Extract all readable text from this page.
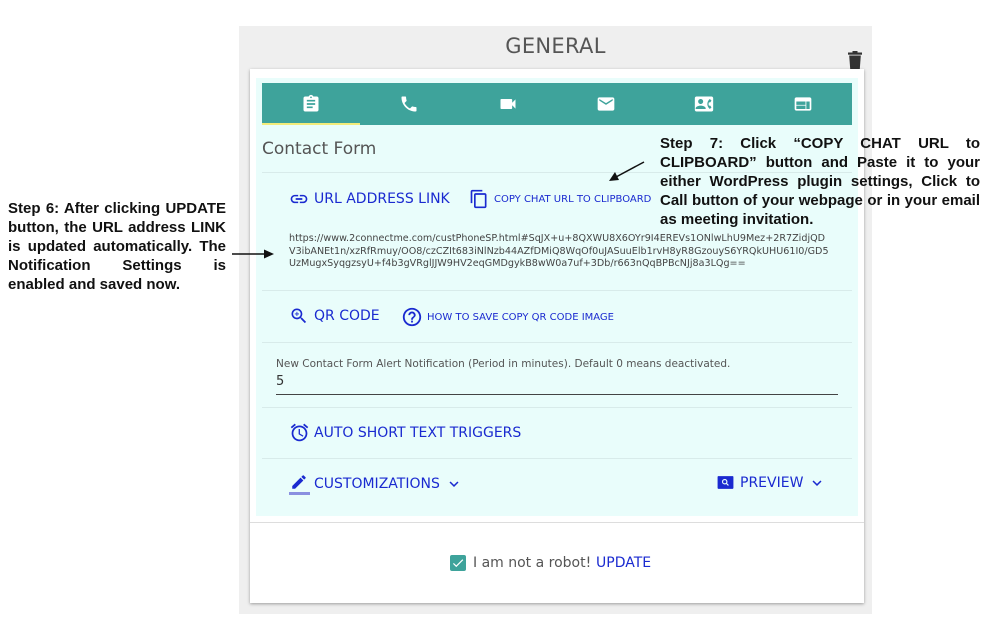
GENERAL
Contact Form
URL ADDRESS LINK	COPY CHAT URL TO CLIPBOARD
https://www.2connectme.com/custPhoneSP.html#SqJX+u+8QXWU8X6OYr9I4EREVs1ONlwLhU9Mez+2R7ZidjQDV3ibANEt1n/xzRfRmuy/OO8/czCZIt683iNlNzb44AZfDMiQ8WqOf0uJASuuElb1rvH8yR8GzouyS6YRQkUHU61I0/GD5UzMugxSyqgzsyU+f4b3gVRglJJW9HV2eqGMDgykB8wW0a7uf+3Db/r663nQqBPBcNJj8a3LQg==
QR CODE	HOW TO SAVE COPY QR CODE IMAGE
New Contact Form Alert Notification (Period in minutes). Default 0 means deactivated.
5
AUTO SHORT TEXT TRIGGERS
CUSTOMIZATIONS	PREVIEW
I am not a robot! UPDATE
Step 6: After clicking UPDATE button, the URL address LINK is updated automatically. The Notification Settings is enabled and saved now.
Step 7: Click “COPY CHAT URL to CLIPBOARD” button and Paste it to your either WordPress plugin settings, Click to Call button of your webpage or in your email as meeting invitation.
